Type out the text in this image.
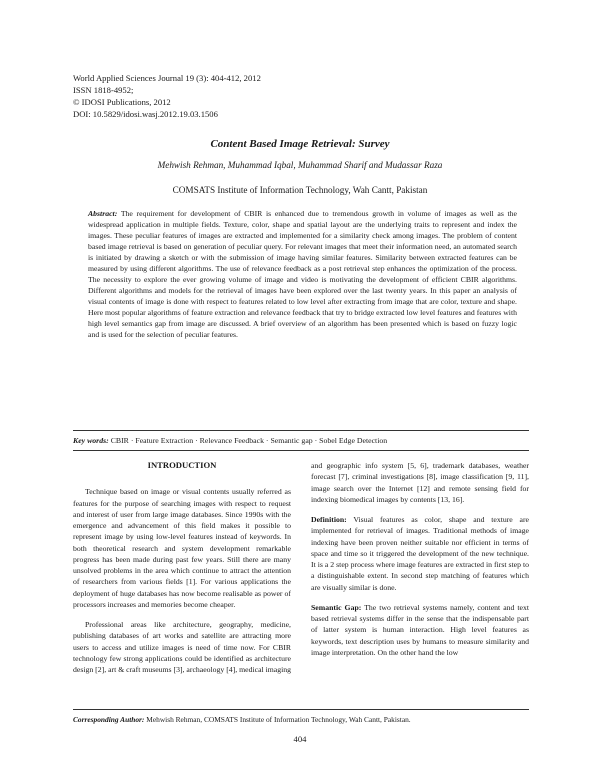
World Applied Sciences Journal 19 (3): 404-412, 2012
ISSN 1818-4952;
© IDOSI Publications, 2012
DOI: 10.5829/idosi.wasj.2012.19.03.1506
Content Based Image Retrieval: Survey
Mehwish Rehman, Muhammad Iqbal, Muhammad Sharif and Mudassar Raza
COMSATS Institute of Information Technology, Wah Cantt, Pakistan
Abstract: The requirement for development of CBIR is enhanced due to tremendous growth in volume of images as well as the widespread application in multiple fields. Texture, color, shape and spatial layout are the underlying traits to represent and index the images. These peculiar features of images are extracted and implemented for a similarity check among images. The problem of content based image retrieval is based on generation of peculiar query. For relevant images that meet their information need, an automated search is initiated by drawing a sketch or with the submission of image having similar features. Similarity between extracted features can be measured by using different algorithms. The use of relevance feedback as a post retrieval step enhances the optimization of the process. The necessity to explore the ever growing volume of image and video is motivating the development of efficient CBIR algorithms. Different algorithms and models for the retrieval of images have been explored over the last twenty years. In this paper an analysis of visual contents of image is done with respect to features related to low level after extracting from image that are color, texture and shape. Here most popular algorithms of feature extraction and relevance feedback that try to bridge extracted low level features and features with high level semantics gap from image are discussed. A brief overview of an algorithm has been presented which is based on fuzzy logic and is used for the selection of peculiar features.
Key words: CBIR · Feature Extraction · Relevance Feedback · Semantic gap · Sobel Edge Detection
INTRODUCTION

Technique based on image or visual contents usually referred as features for the purpose of searching images with respect to request and interest of user from large image databases. Since 1990s with the emergence and advancement of this field makes it possible to represent image by using low-level features instead of keywords. In both theoretical research and system development remarkable progress has been made during past few years. Still there are many unsolved problems in the area which continue to attract the attention of researchers from various fields [1]. For various applications the deployment of huge databases has now become realisable as power of processors increases and memories become cheaper.

Professional areas like architecture, geography, medicine, publishing databases of art works and satellite are attracting more users to access and utilize images is need of time now. For CBIR technology few strong applications could be identified as architecture design [2], art & craft museums [3], archaeology [4], medical imaging

and geographic info system [5, 6], trademark databases, weather forecast [7], criminal investigations [8], image classification [9, 11], image search over the Internet [12] and remote sensing field for indexing biomedical images by contents [13, 16].

Definition: Visual features as color, shape and texture are implemented for retrieval of images. Traditional methods of image indexing have been proven neither suitable nor efficient in terms of space and time so it triggered the development of the new technique. It is a 2 step process where image features are extracted in first step to a distinguishable extent. In second step matching of features which are visually similar is done.

Semantic Gap: The two retrieval systems namely, content and text based retrieval systems differ in the sense that the indispensable part of latter system is human interaction. High level features as keywords, text description uses by humans to measure similarity and image interpretation. On the other hand the low

Corresponding Author: Mehwish Rehman, COMSATS Institute of Information Technology, Wah Cantt, Pakistan.
404
